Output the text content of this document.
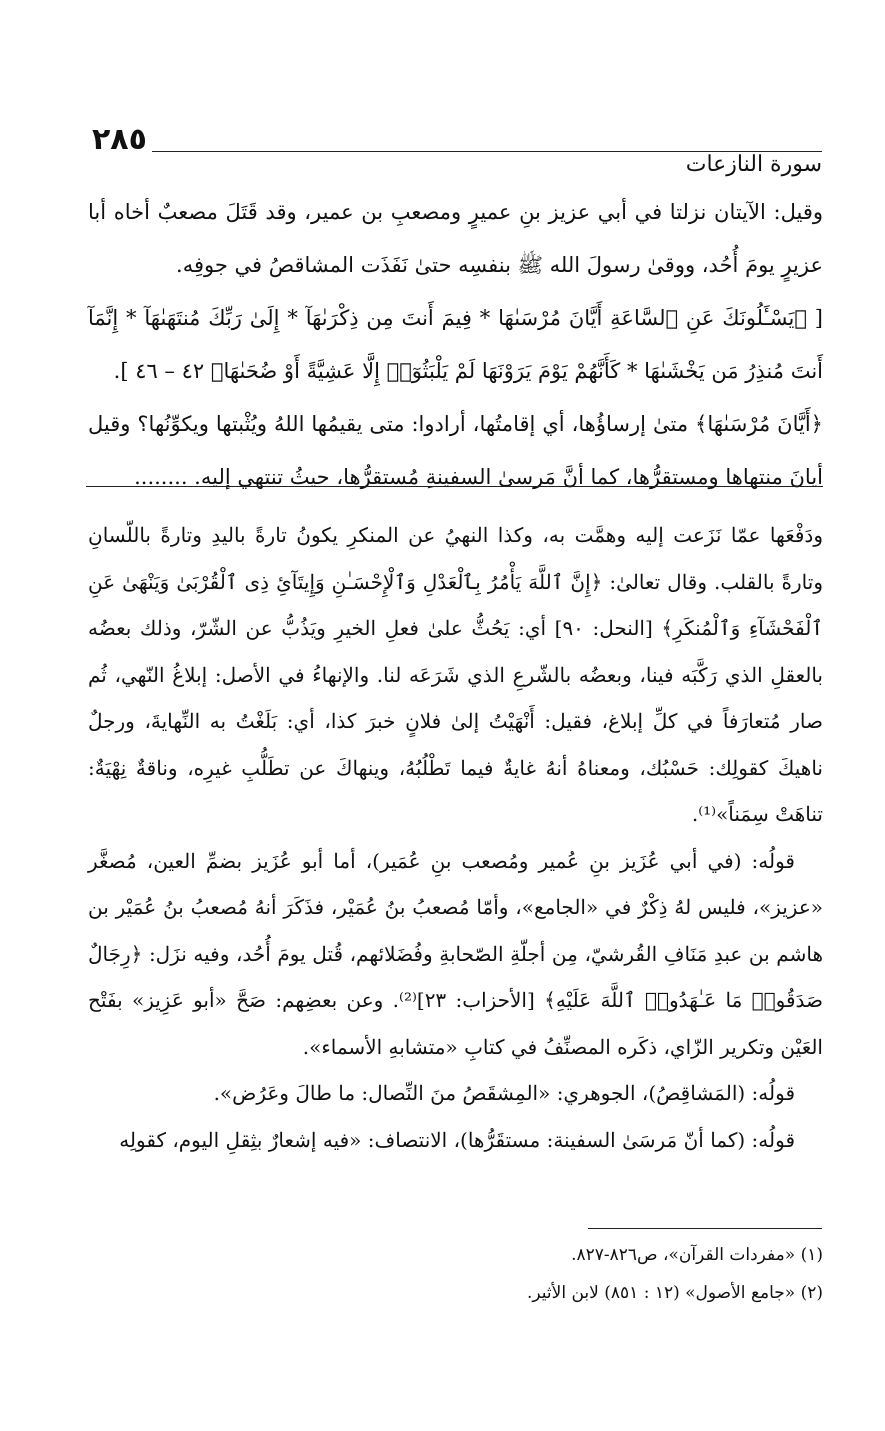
٢٨٥
سورة النازعات

وقيل: الآيتان نزلتا في أبي عزيز بنِ عميرٍ ومصعبِ بن عمير، وقد قَتَلَ مصعبٌ أخاه أبا عزيرٍ يومَ أُحُد، ووقىٰ رسولَ الله ﷺ بنفسِه حتىٰ نَفَذَت المشاقصُ في جوفِه.

[ ﴿يَسْـَٔلُونَكَ عَنِ ٱلسَّاعَةِ أَيَّانَ مُرْسَىٰهَا * فِيمَ أَنتَ مِن ذِكْرَىٰهَآ * إِلَىٰ رَبِّكَ مُنتَهَىٰهَآ * إِنَّمَآ أَنتَ مُنذِرُ مَن يَخْشَىٰهَا * كَأَنَّهُمْ يَوْمَ يَرَوْنَهَا لَمْ يَلْبَثُوٓا۟ إِلَّا عَشِيَّةً أَوْ ضُحَىٰهَا﴾ ٤٢ – ٤٦ ].

﴿أَيَّانَ مُرْسَىٰهَا﴾ متىٰ إرساؤُها، أي إقامتُها، أرادوا: متى يقيمُها اللهُ ويُثْبتها ويكوِّنُها؟ وقيل أيانَ منتهاها ومستقرُّها، كما أنَّ مَرسىٰ السفينةِ مُستقرُّها، حيثُ تنتهي إليه. ........

ودَفْعَها عمّا نَزَعت إليه وهمَّت به، وكذا النهيُ عن المنكرِ يكونُ تارةً باليدِ وتارةً باللّسانِ وتارةً بالقلب. وقال تعالىٰ: ﴿إِنَّ ٱللَّهَ يَأْمُرُ بِٱلْعَدْلِ وَٱلْإِحْسَـٰنِ وَإِيتَآئِ ذِى ٱلْقُرْبَىٰ وَيَنْهَىٰ عَنِ ٱلْفَحْشَآءِ وَٱلْمُنكَرِ﴾ [النحل: ٩٠] أي: يَحُثُّ علىٰ فعلِ الخيرِ ويَذُبُّ عن الشّرّ، وذلك بعضُه بالعقلِ الذي رَكَّبَه فينا، وبعضُه بالشّرعِ الذي شَرَعَه لنا. والإنهاءُ في الأصل: إبلاغُ النّهي، ثُم صار مُتعارَفاً في كلِّ إبلاغ، فقيل: أَنْهَيْتُ إلىٰ فلانٍ خبرَ كذا، أي: بَلَغْتُ به النِّهايةَ، ورجلٌ ناهيكَ كقولِك: حَسْبُك، ومعناهُ أنهُ غايةٌ فيما تَطْلُبُهُ، وينهاكَ عن تطَلُّبِ غيرِه، وناقةٌ نِهْيَةٌ: تناهَتْ سِمَناً»⁽¹⁾.

قولُه: (في أبي عُزَيز بنِ عُمير ومُصعب بنِ عُمَير)، أما أبو عُزَيز بضمِّ العين، مُصغَّر «عزيز»، فليس لهُ ذِكْرٌ في «الجامع»، وأمّا مُصعبُ بنُ عُمَيْر، فذَكَرَ أنهُ مُصعبُ بنُ عُمَيْر بن هاشم بن عبدِ مَنَافِ القُرشيّ، مِن أجلّةِ الصّحابةِ وفُضَلائهم، قُتل يومَ أُحُد، وفيه نزَل: ﴿رِجَالٌ صَدَقُوا۟ مَا عَـٰهَدُوا۟ ٱللَّهَ عَلَيْهِ﴾ [الأحزاب: ٢٣]⁽²⁾. وعن بعضِهم: صَحَّ «أبو عَزِيز» بفَتْح العَيْن وتكرير الزّاي، ذكَره المصنِّفُ في كتابِ «متشابهِ الأسماء».

قولُه: (المَشاقِصُ)، الجوهري: «المِشقَصُ منَ النِّصال: ما طالَ وعَرُض».

قولُه: (كما أنّ مَرسَىٰ السفينة: مستقَرُّها)، الانتصاف: «فيه إشعارٌ بثِقلِ اليوم، كقولِه

(١) «مفردات القرآن»، ص٨٢٦-٨٢٧.

(٢) «جامع الأصول» (١٢ : ٨٥١) لابن الأثير.
